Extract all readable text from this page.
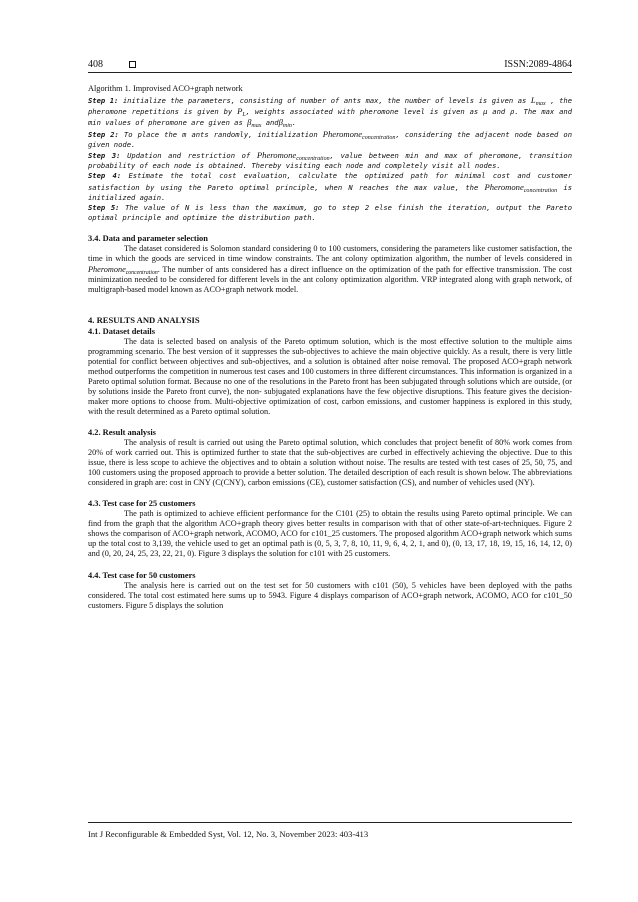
408	ISSN:2089-4864
Algorithm 1. Improvised ACO+graph network
Step 1: initialize the parameters, consisting of number of ants max, the number of levels is given as $L_{max}$ , the pheromone repetitions is given by $P_L$, weights associated with pheromone level is given as μ and ρ. The max and min values of pheromone are given as $\beta_{max}$ andβ$_{min}$.
Step 2: To place the m ants randomly, initialization Pheromone$_{concentration}$, considering the adjacent node based on given node.
Step 3: Updation and restriction of Pheromone$_{concentration}$, value between min and max of pheromone, transition probability of each node is obtained. Thereby visiting each node and completely visit all nodes.
Step 4: Estimate the total cost evaluation, calculate the optimized path for minimal cost and customer satisfaction by using the Pareto optimal principle, when N reaches the max value, the Pheromone$_{concentration}$ is initialized again.
Step 5: The value of N is less than the maximum, go to step 2 else finish the iteration, output the Pareto optimal principle and optimize the distribution path.
3.4. Data and parameter selection

The dataset considered is Solomon standard considering 0 to 100 customers, considering the parameters like customer satisfaction, the time in which the goods are serviced in time window constraints. The ant colony optimization algorithm, the number of levels considered in Pheromone$_{concentration}$. The number of ants considered has a direct influence on the optimization of the path for effective transmission. The cost minimization needed to be considered for different levels in the ant colony optimization algorithm. VRP integrated along with graph network, of multigraph-based model known as ACO+graph network model.

4. RESULTS AND ANALYSIS
4.1. Dataset details

The data is selected based on analysis of the Pareto optimum solution, which is the most effective solution to the multiple aims programming scenario. The best version of it suppresses the sub-objectives to achieve the main objective quickly. As a result, there is very little potential for conflict between objectives and sub-objectives, and a solution is obtained after noise removal. The proposed ACO+graph network method outperforms the competition in numerous test cases and 100 customers in three different circumstances. This information is organized in a Pareto optimal solution format. Because no one of the resolutions in the Pareto front has been subjugated through solutions which are outside, (or by solutions inside the Pareto front curve), the non- subjugated explanations have the few objective disruptions. This feature gives the decision-maker more options to choose from. Multi-objective optimization of cost, carbon emissions, and customer happiness is explored in this study, with the result determined as a Pareto optimal solution.

4.2. Result analysis

The analysis of result is carried out using the Pareto optimal solution, which concludes that project benefit of 80% work comes from 20% of work carried out. This is optimized further to state that the sub-objectives are curbed in effectively achieving the objective. Due to this issue, there is less scope to achieve the objectives and to obtain a solution without noise. The results are tested with test cases of 25, 50, 75, and 100 customers using the proposed approach to provide a better solution. The detailed description of each result is shown below. The abbreviations considered in graph are: cost in CNY (C(CNY), carbon emissions (CE), customer satisfaction (CS), and number of vehicles used (NY).

4.3. Test case for 25 customers

The path is optimized to achieve efficient performance for the C101 (25) to obtain the results using Pareto optimal principle. We can find from the graph that the algorithm ACO+graph theory gives better results in comparison with that of other state-of-art-techniques. Figure 2 shows the comparison of ACO+graph network, ACOMO, ACO for c101_25 customers. The proposed algorithm ACO+graph network which sums up the total cost to 3,139, the vehicle used to get an optimal path is (0, 5, 3, 7, 8, 10, 11, 9, 6, 4, 2, 1, and 0), (0, 13, 17, 18, 19, 15, 16, 14, 12, 0) and (0, 20, 24, 25, 23, 22, 21, 0). Figure 3 displays the solution for c101 with 25 customers.

4.4. Test case for 50 customers

The analysis here is carried out on the test set for 50 customers with c101 (50), 5 vehicles have been deployed with the paths considered. The total cost estimated here sums up to 5943. Figure 4 displays comparison of ACO+graph network, ACOMO, ACO for c101_50 customers. Figure 5 displays the solution

Int J Reconfigurable & Embedded Syst, Vol. 12, No. 3, November 2023: 403-413
